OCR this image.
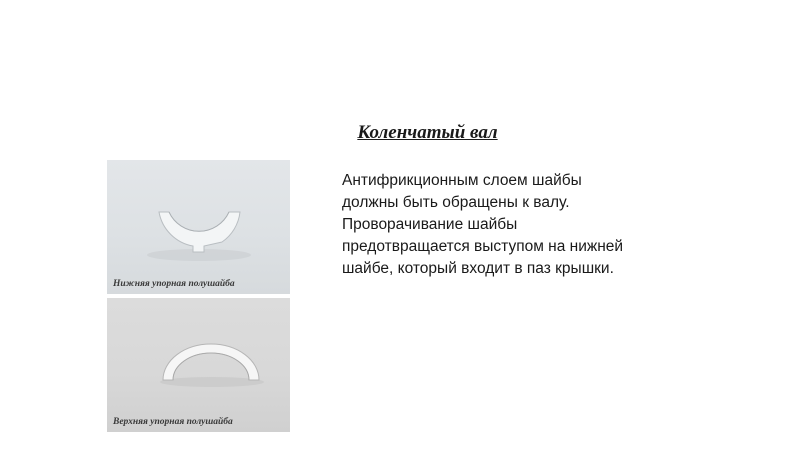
Коленчатый вал

Нижняя упорная полушайба

Верхняя упорная полушайба

Антифрикционным слоем шайбы
должны быть обращены к валу.
Проворачивание шайбы
предотвращается выступом на нижней
шайбе, который входит в паз крышки.
